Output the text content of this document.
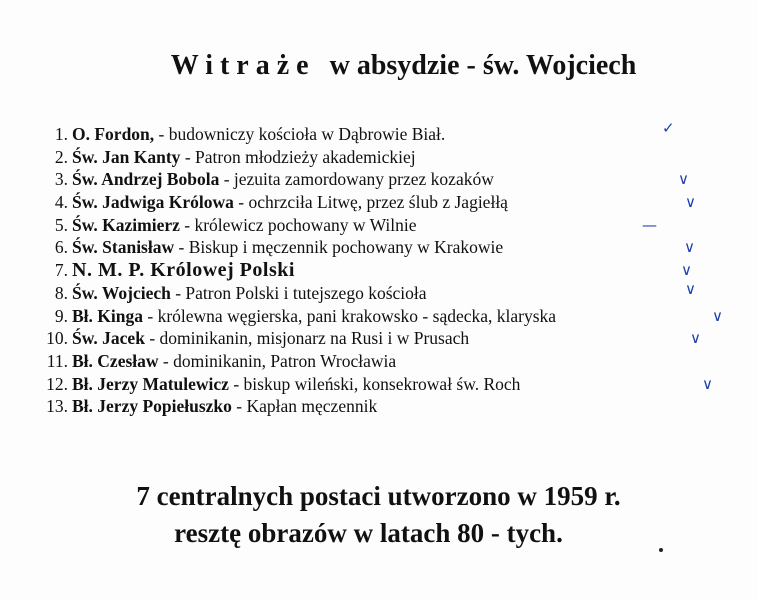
Witraże w absydzie - św. Wojciech
1. O. Fordon, - budowniczy kościoła w Dąbrowie Biał.	✓
2. Św. Jan Kanty - Patron młodzieży akademickiej
3. Św. Andrzej Bobola - jezuita zamordowany przez kozaków	∨
4. Św. Jadwiga Królowa - ochrzciła Litwę, przez ślub z Jagiełłą	∨
5. Św. Kazimierz - królewicz pochowany w Wilnie	—
6. Św. Stanisław - Biskup i męczennik pochowany w Krakowie	∨
7. N. M. P. Królowej Polski	∨
8. Św. Wojciech - Patron Polski i tutejszego kościoła	∨
9. Bł. Kinga - królewna węgierska, pani krakowsko - sądecka, klaryska	∨
10. Św. Jacek - dominikanin, misjonarz na Rusi i w Prusach	∨
11. Bł. Czesław - dominikanin, Patron Wrocławia
12. Bł. Jerzy Matulewicz - biskup wileński, konsekrował św. Roch	∨
13. Bł. Jerzy Popiełuszko - Kapłan męczennik
7 centralnych postaci utworzono w 1959 r.
resztę obrazów w latach 80 - tych.
